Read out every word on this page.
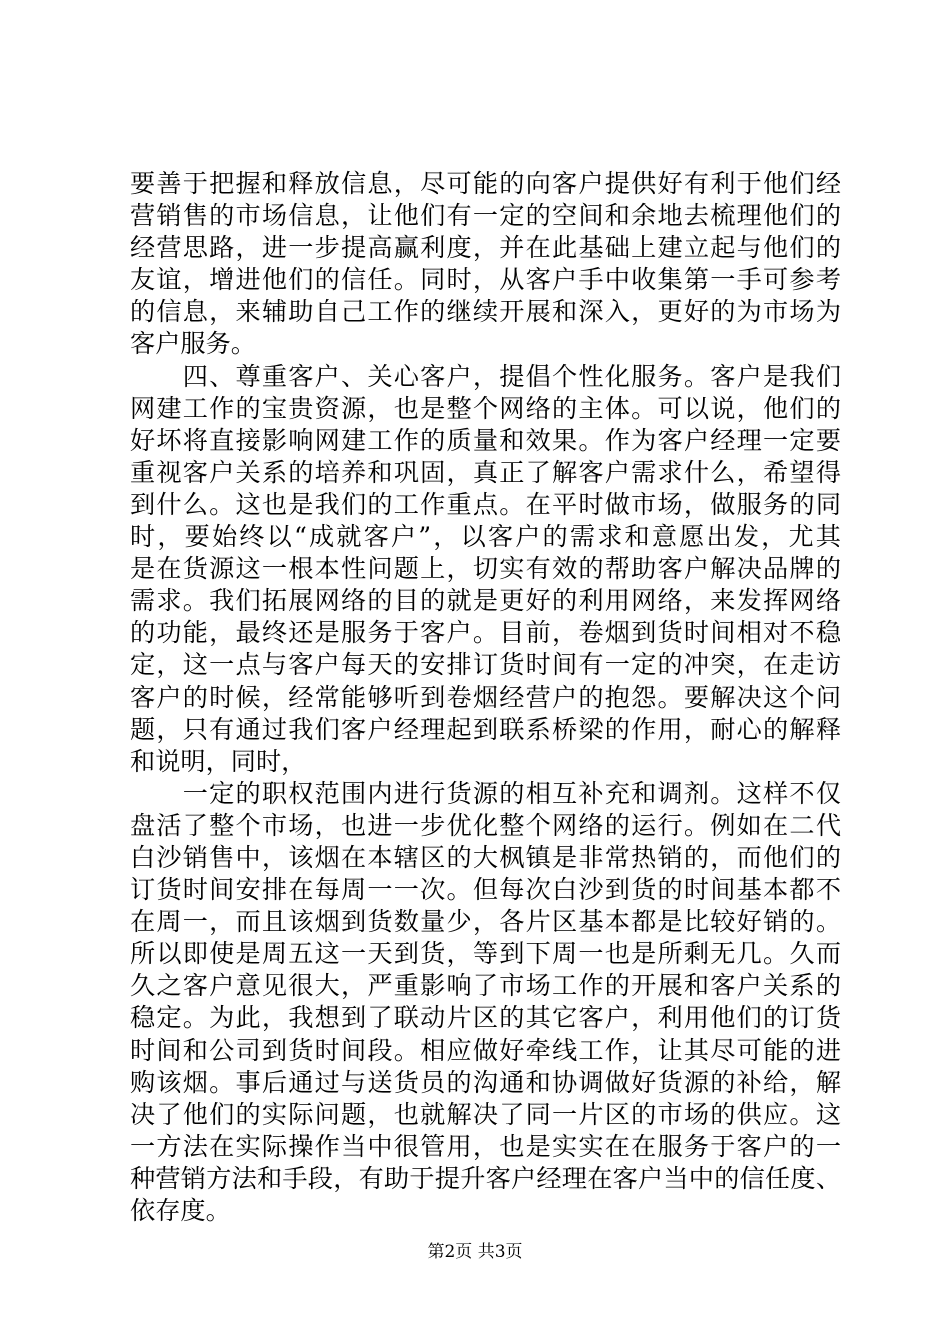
要善于把握和释放信息，尽可能的向客户提供好有利于他们经
营销售的市场信息，让他们有一定的空间和余地去梳理他们的
经营思路，进一步提高赢利度，并在此基础上建立起与他们的
友谊，增进他们的信任。同时，从客户手中收集第一手可参考
的信息，来辅助自己工作的继续开展和深入，更好的为市场为
客户服务。
　　四、尊重客户、关心客户，提倡个性化服务。客户是我们
网建工作的宝贵资源，也是整个网络的主体。可以说，他们的
好坏将直接影响网建工作的质量和效果。作为客户经理一定要
重视客户关系的培养和巩固，真正了解客户需求什么，希望得
到什么。这也是我们的工作重点。在平时做市场，做服务的同
时，要始终以“成就客户”，以客户的需求和意愿出发，尤其
是在货源这一根本性问题上，切实有效的帮助客户解决品牌的
需求。我们拓展网络的目的就是更好的利用网络，来发挥网络
的功能，最终还是服务于客户。目前，卷烟到货时间相对不稳
定，这一点与客户每天的安排订货时间有一定的冲突，在走访
客户的时候，经常能够听到卷烟经营户的抱怨。要解决这个问
题，只有通过我们客户经理起到联系桥梁的作用，耐心的解释
和说明，同时，
　　一定的职权范围内进行货源的相互补充和调剂。这样不仅
盘活了整个市场，也进一步优化整个网络的运行。例如在二代
白沙销售中，该烟在本辖区的大枫镇是非常热销的，而他们的
订货时间安排在每周一一次。但每次白沙到货的时间基本都不
在周一，而且该烟到货数量少，各片区基本都是比较好销的。
所以即使是周五这一天到货，等到下周一也是所剩无几。久而
久之客户意见很大，严重影响了市场工作的开展和客户关系的
稳定。为此，我想到了联动片区的其它客户，利用他们的订货
时间和公司到货时间段。相应做好牵线工作，让其尽可能的进
购该烟。事后通过与送货员的沟通和协调做好货源的补给，解
决了他们的实际问题，也就解决了同一片区的市场的供应。这
一方法在实际操作当中很管用，也是实实在在服务于客户的一
种营销方法和手段，有助于提升客户经理在客户当中的信任度、
依存度。
第2页 共3页
